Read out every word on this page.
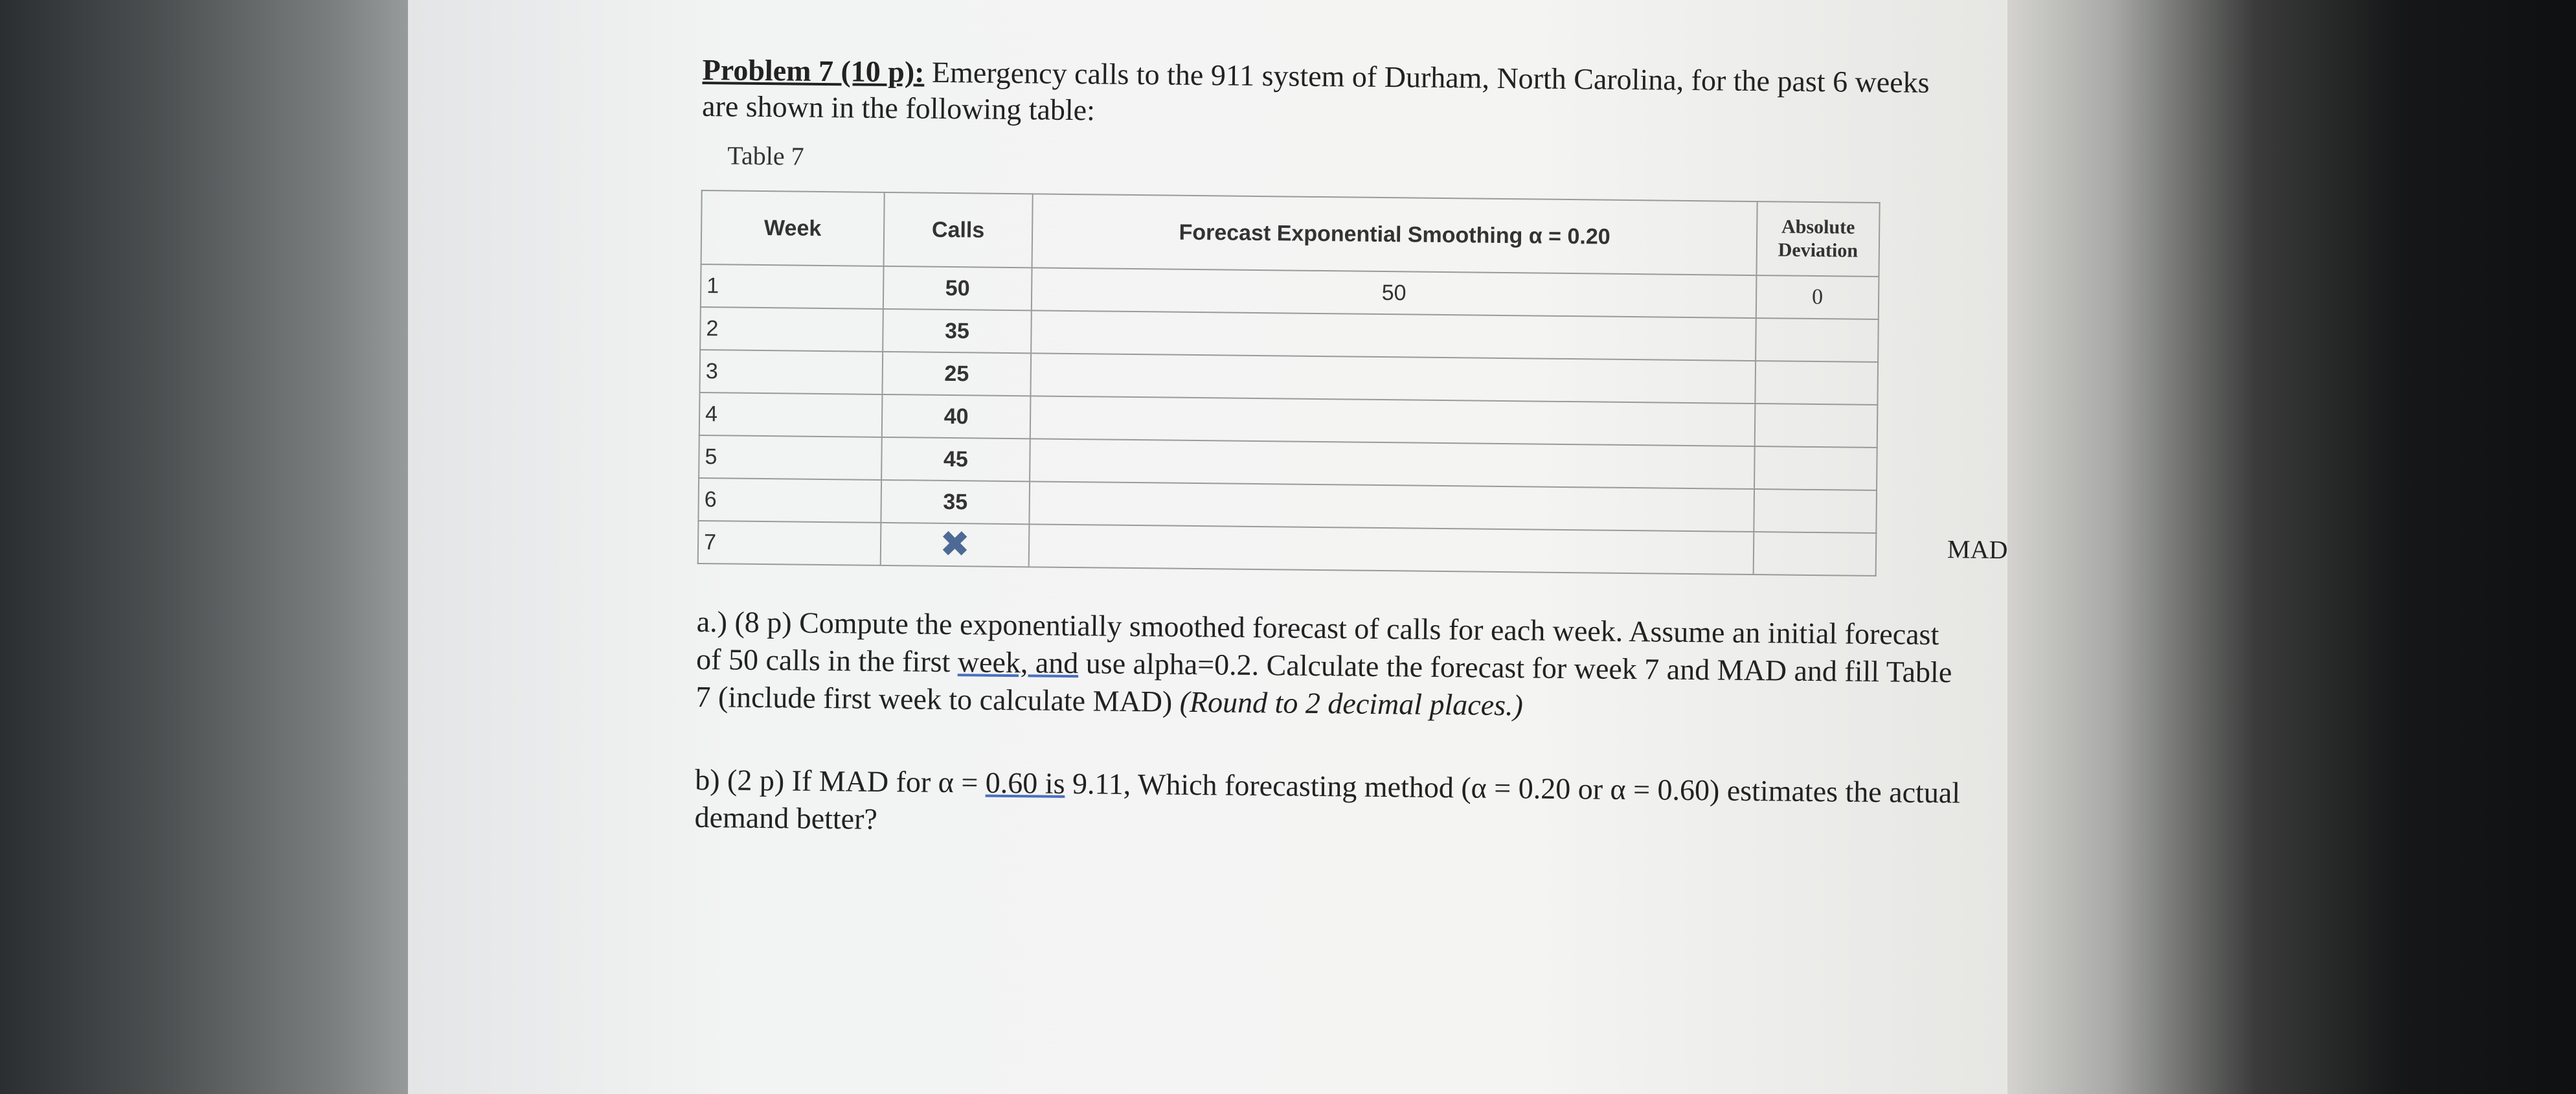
Problem 7 (10 p): Emergency calls to the 911 system of Durham, North Carolina, for the past 6 weeks are shown in the following table:
Table 7
Week	Calls	Forecast Exponential Smoothing α = 0.20	Absolute Deviation
1	50	50	0
2	35		
3	25		
4	40		
5	45		
6	35		
7	✖			MAD
a.) (8 p) Compute the exponentially smoothed forecast of calls for each week. Assume an initial forecast of 50 calls in the first week, and use alpha=0.2. Calculate the forecast for week 7 and MAD and fill Table 7 (include first week to calculate MAD) (Round to 2 decimal places.)
b) (2 p) If MAD for α = 0.60 is 9.11, Which forecasting method (α = 0.20 or α = 0.60) estimates the actual demand better?
